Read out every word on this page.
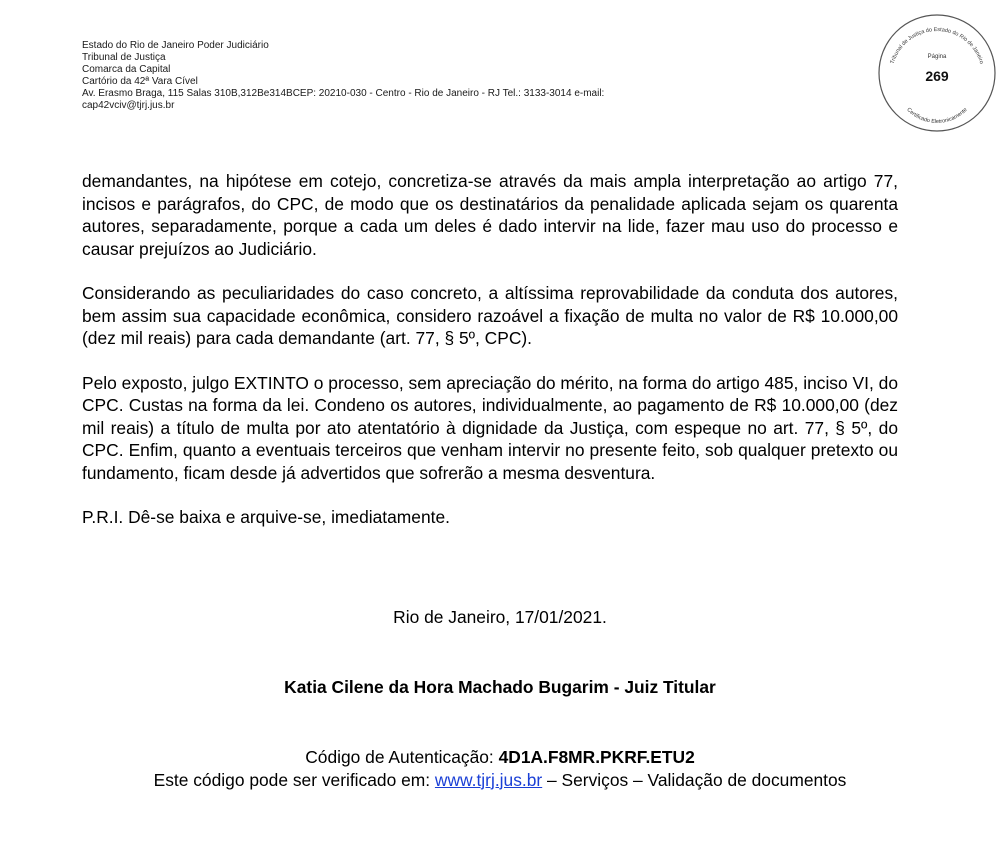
Estado do Rio de Janeiro Poder Judiciário
Tribunal de Justiça
Comarca da Capital
Cartório da 42ª Vara Cível
Av. Erasmo Braga, 115 Salas 310B,312Be314BCEP: 20210-030 - Centro - Rio de Janeiro - RJ Tel.: 3133-3014 e-mail:
cap42vciv@tjrj.jus.br
Tribunal de Justiça do Estado do Rio de Janeiro
Página
269
Certificado Eletronicamente

demandantes, na hipótese em cotejo, concretiza-se através da mais ampla interpretação ao artigo 77, incisos e parágrafos, do CPC, de modo que os destinatários da penalidade aplicada sejam os quarenta autores, separadamente, porque a cada um deles é dado intervir na lide, fazer mau uso do processo e causar prejuízos ao Judiciário.

Considerando as peculiaridades do caso concreto, a altíssima reprovabilidade da conduta dos autores, bem assim sua capacidade econômica, considero razoável a fixação de multa no valor de R$ 10.000,00 (dez mil reais) para cada demandante (art. 77, § 5º, CPC).

Pelo exposto, julgo EXTINTO o processo, sem apreciação do mérito, na forma do artigo 485, inciso VI, do CPC. Custas na forma da lei. Condeno os autores, individualmente, ao pagamento de R$ 10.000,00 (dez mil reais) a título de multa por ato atentatório à dignidade da Justiça, com espeque no art. 77, § 5º, do CPC. Enfim, quanto a eventuais terceiros que venham intervir no presente feito, sob qualquer pretexto ou fundamento, ficam desde já advertidos que sofrerão a mesma desventura.

P.R.I. Dê-se baixa e arquive-se, imediatamente.

Rio de Janeiro, 17/01/2021.
Katia Cilene da Hora Machado Bugarim - Juiz Titular
Código de Autenticação: 4D1A.F8MR.PKRF.ETU2
Este código pode ser verificado em: www.tjrj.jus.br – Serviços – Validação de documentos
